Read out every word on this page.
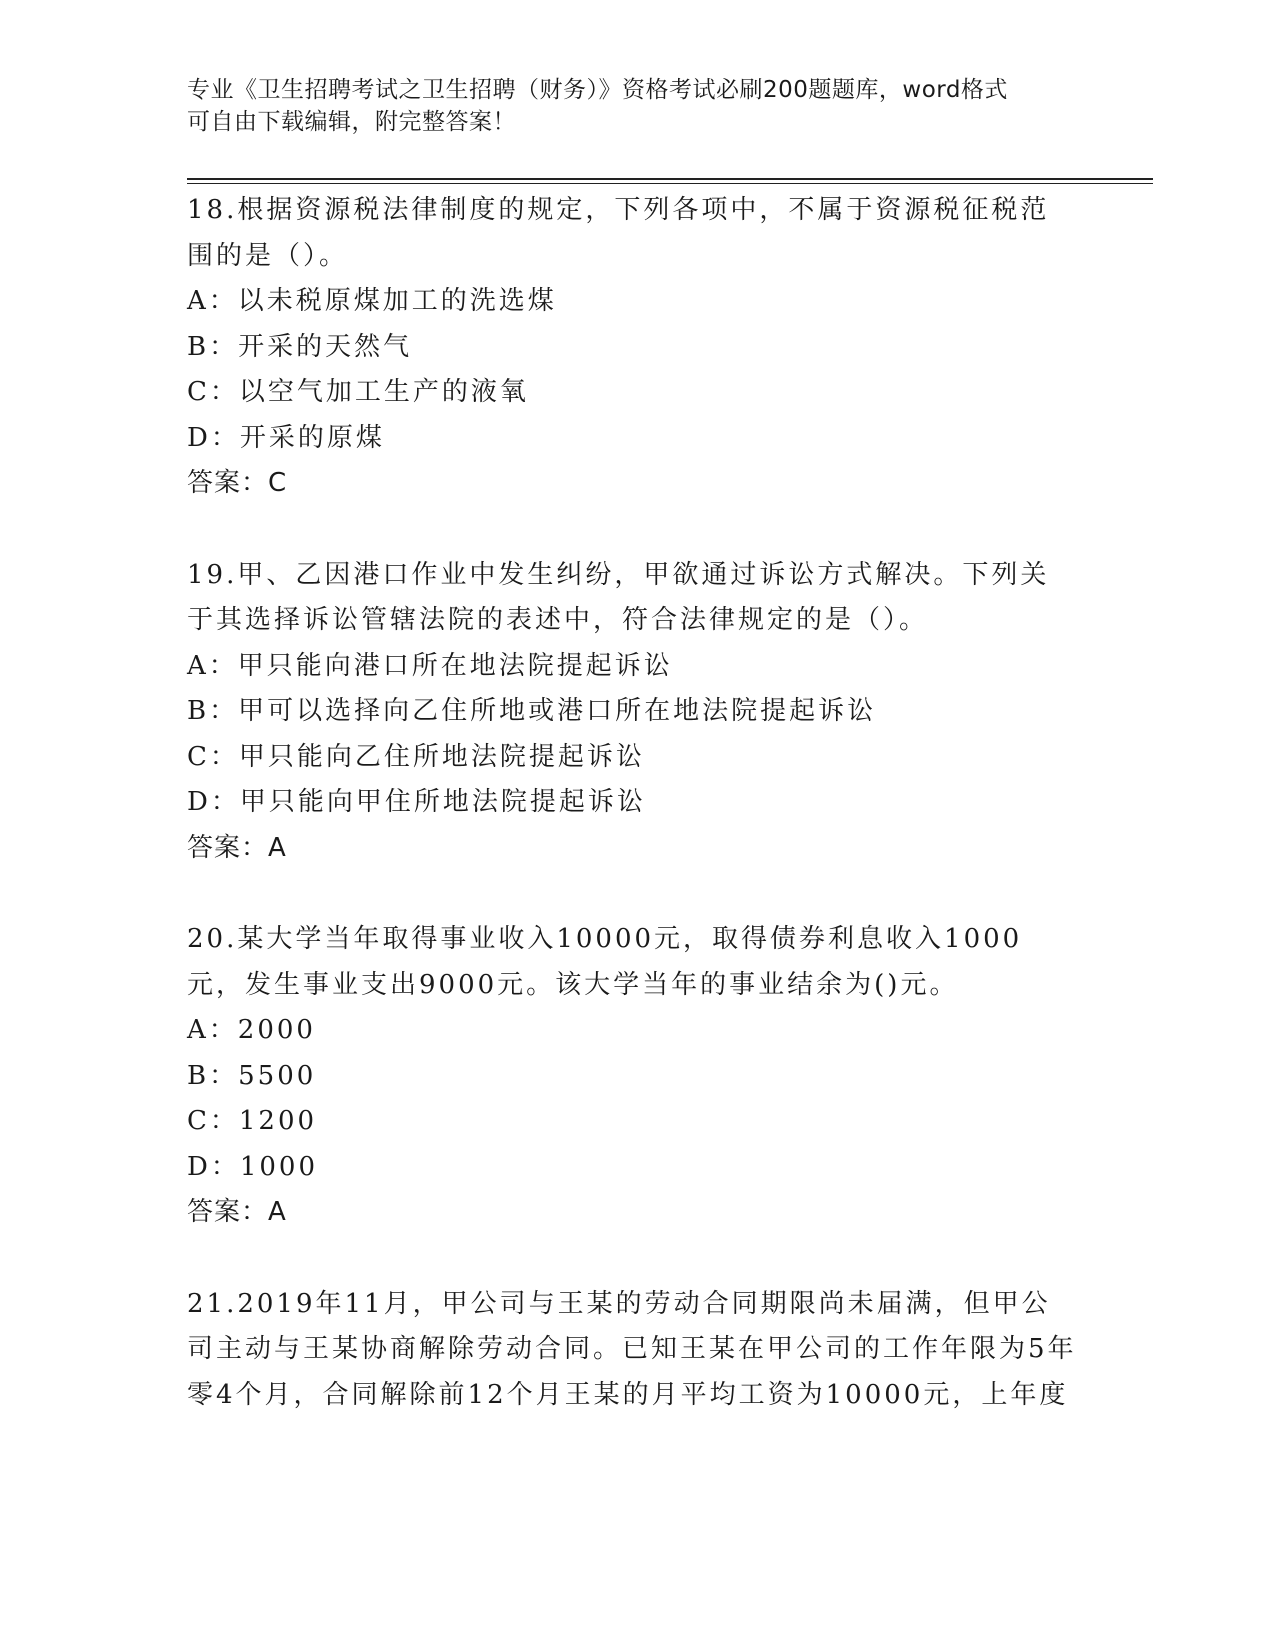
专业《卫生招聘考试之卫生招聘（财务）》资格考试必刷200题题库，word格式
可自由下载编辑，附完整答案！

18.根据资源税法律制度的规定，下列各项中，不属于资源税征税范围的是（）。

A：以未税原煤加工的洗选煤

B：开采的天然气

C：以空气加工生产的液氧

D：开采的原煤

答案：C

19.甲、乙因港口作业中发生纠纷，甲欲通过诉讼方式解决。下列关于其选择诉讼管辖法院的表述中，符合法律规定的是（）。

A：甲只能向港口所在地法院提起诉讼

B：甲可以选择向乙住所地或港口所在地法院提起诉讼

C：甲只能向乙住所地法院提起诉讼

D：甲只能向甲住所地法院提起诉讼

答案：A

20.某大学当年取得事业收入10000元，取得债券利息收入1000元，发生事业支出9000元。该大学当年的事业结余为()元。

A：2000

B：5500

C：1200

D：1000

答案：A

21.2019年11月，甲公司与王某的劳动合同期限尚未届满，但甲公司主动与王某协商解除劳动合同。已知王某在甲公司的工作年限为5年零4个月，合同解除前12个月王某的月平均工资为10000元，上年度
